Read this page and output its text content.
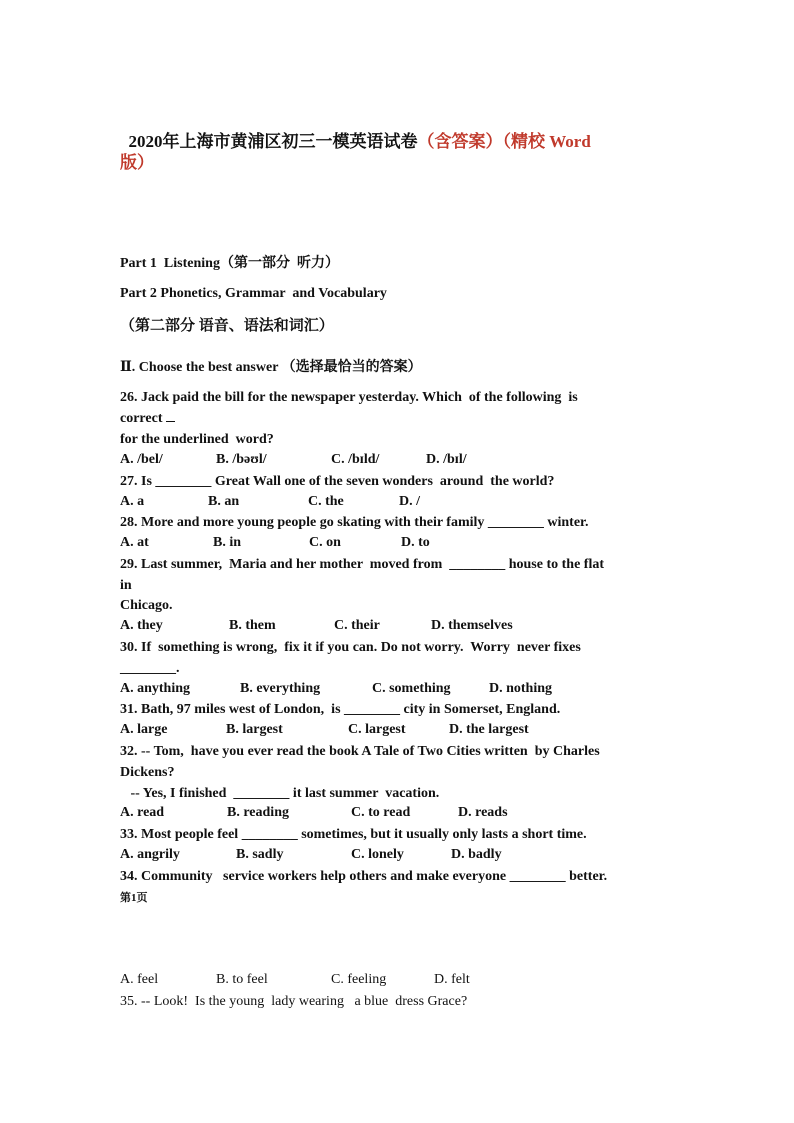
2020年上海市黄浦区初三一模英语试卷（含答案）（精校 Word

版）
Part 1  Listening（第一部分  听力）
Part 2 Phonetics, Grammar  and Vocabulary
（第二部分 语音、语法和词汇）
Ⅱ. Choose the best answer （选择最恰当的答案）
26. Jack paid the bill for the newspaper yesterday. Which  of the following  is
correct
for the underlined  word?
A. /bel/	B. /bəʊl/	C. /bɪld/	D. /bɪl/
27. Is ________ Great Wall one of the seven wonders  around  the world?
A. a	B. an	C. the	D. /
28. More and more young people go skating with their family ________ winter.
A. at	B. in	C. on	D. to
29. Last summer,  Maria and her mother  moved from  ________ house to the flat
in
Chicago.
A. they	B. them	C. their	D. themselves
30. If  something is wrong,  fix it if you can. Do not worry.  Worry  never fixes
________.
A. anything	B. everything	C. something	D. nothing
31. Bath, 97 miles west of London,  is ________ city in Somerset, England.
A. large	B. largest	C. largest	D. the largest
32. -- Tom,  have you ever read the book A Tale of Two Cities written  by Charles
Dickens?
-- Yes, I finished  ________ it last summer  vacation.
A. read	B. reading	C. to read	D. reads
33. Most people feel ________ sometimes, but it usually only lasts a short time.
A. angrily	B. sadly	C. lonely	D. badly
34. Community   service workers help others and make everyone ________ better.
第1页
A. feel	B. to feel	C. feeling	D. felt
35. -- Look!  Is the young  lady wearing   a blue  dress Grace?
